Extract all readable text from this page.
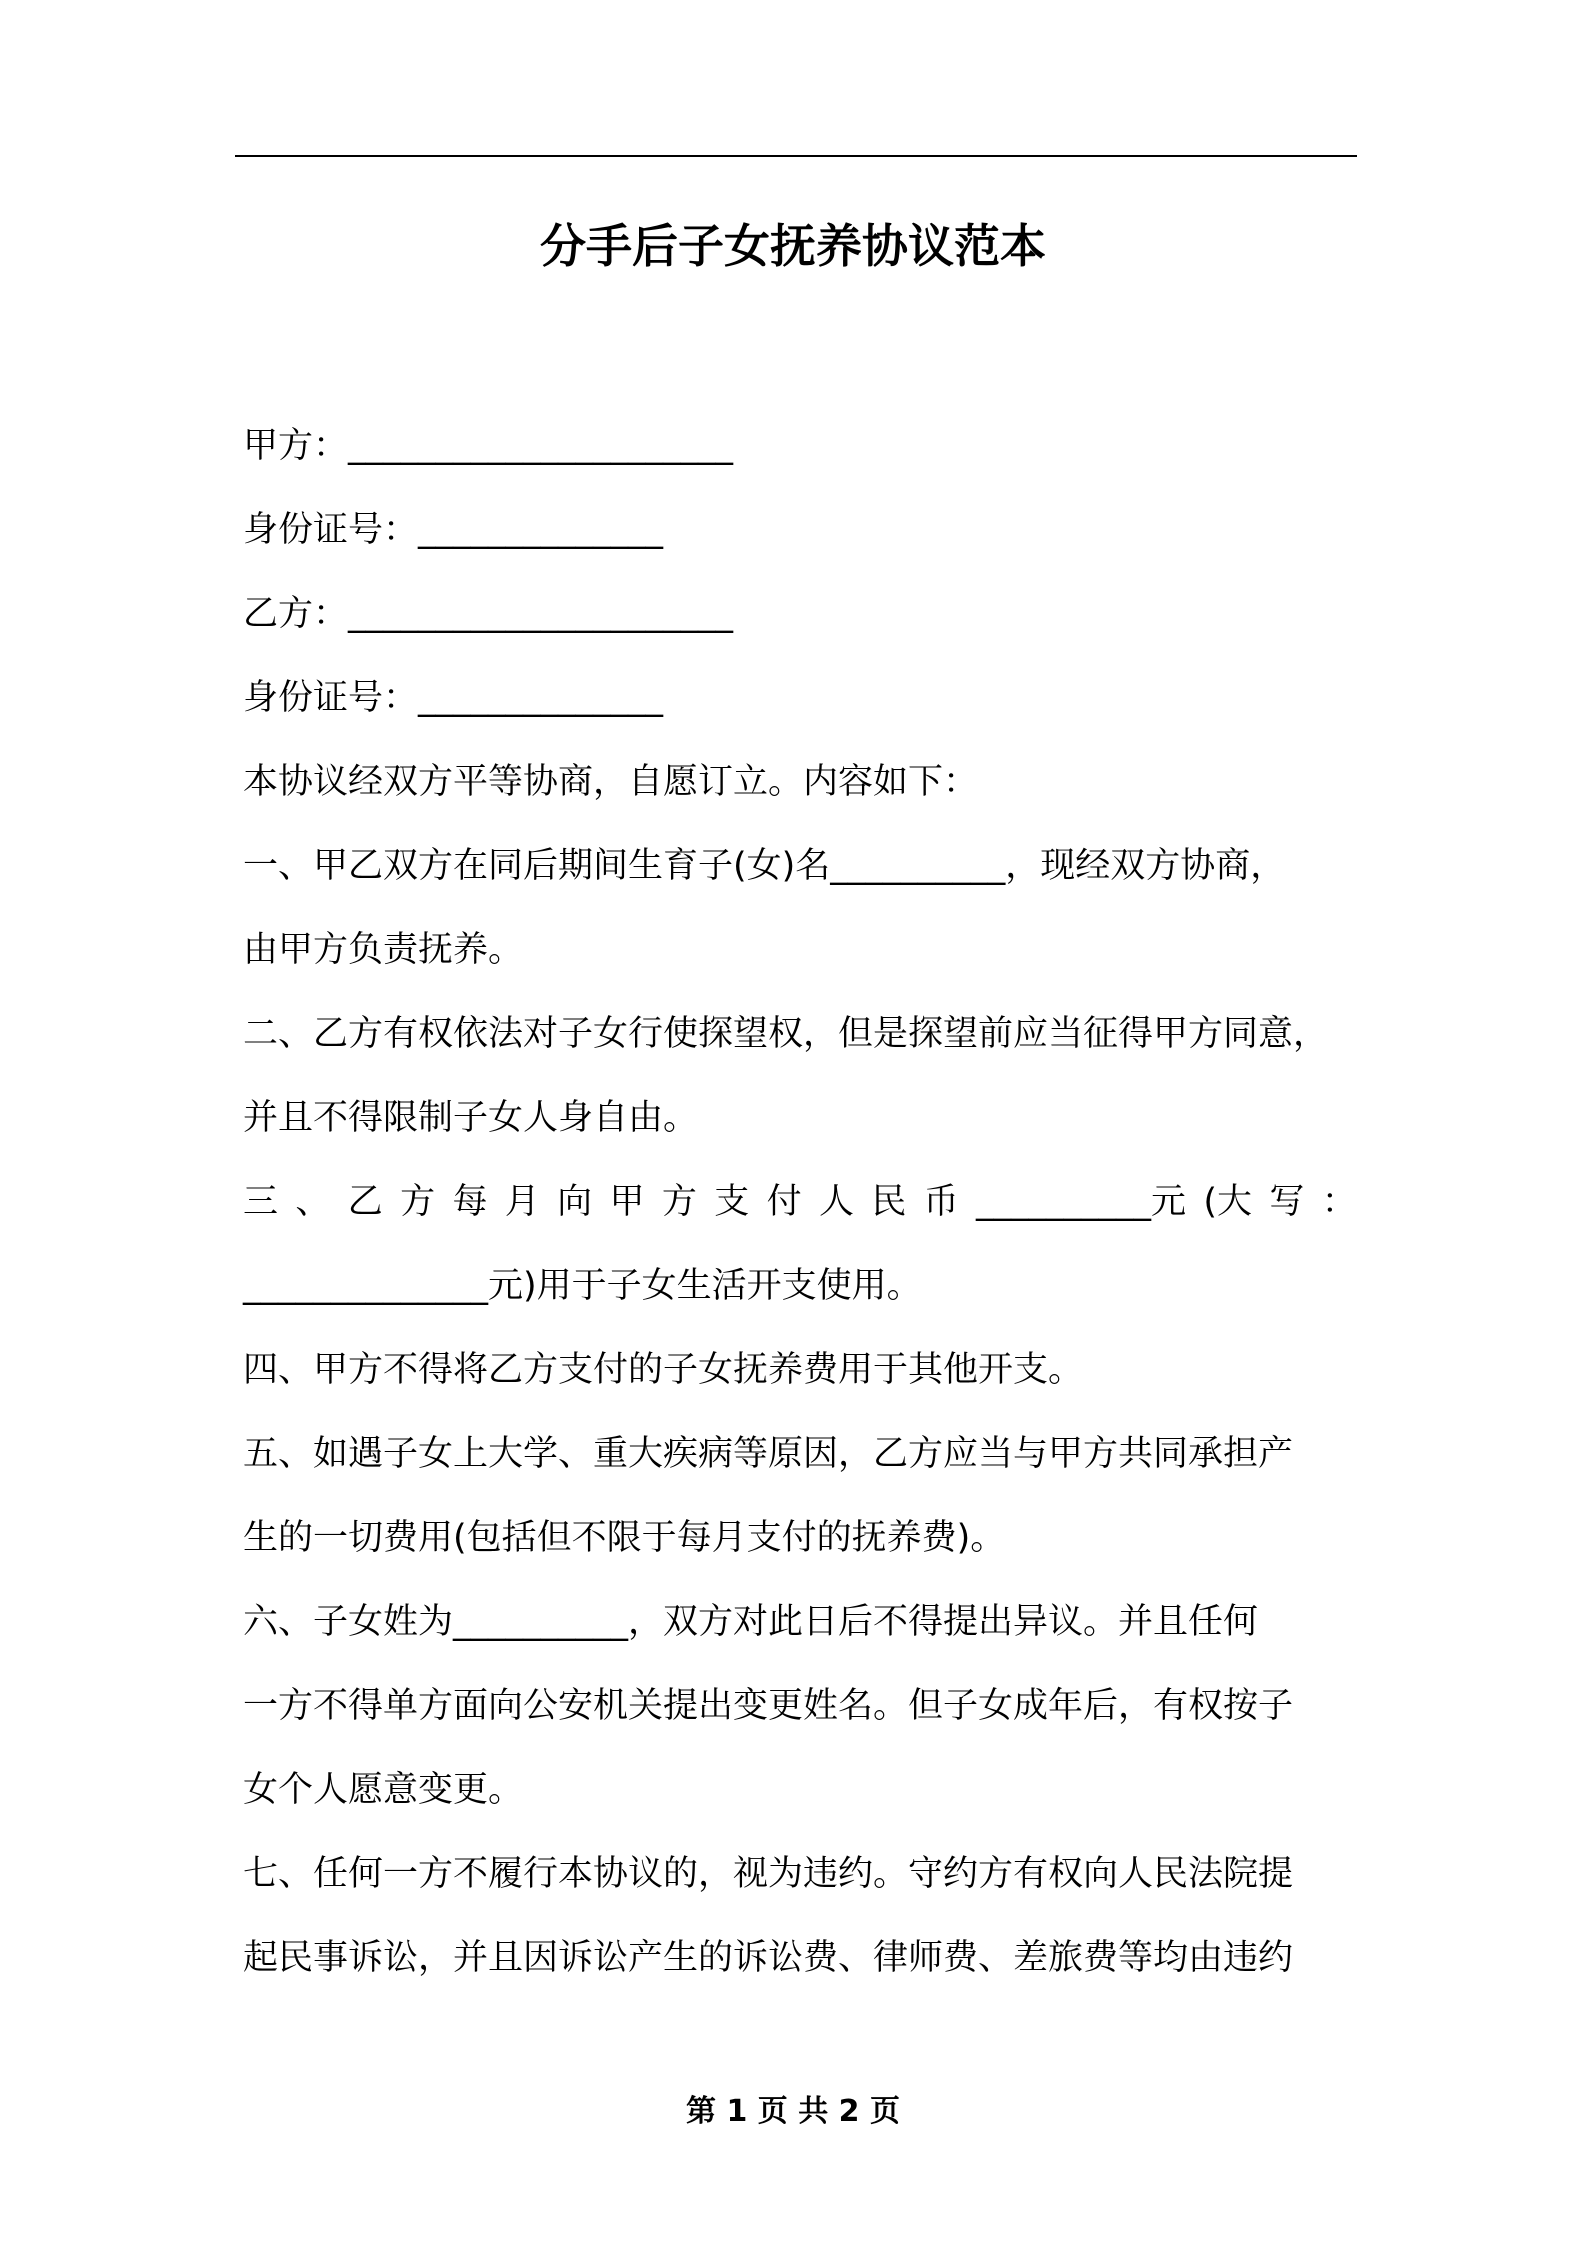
分手后子女抚养协议范本
甲方：______________________
身份证号：______________
乙方：______________________
身份证号：______________
本协议经双方平等协商，自愿订立。内容如下：
一、甲乙双方在同后期间生育子(女)名__________，现经双方协商，
由甲方负责抚养。
二、乙方有权依法对子女行使探望权，但是探望前应当征得甲方同意，
并且不得限制子女人身自由。
三 、 乙 方 每 月 向 甲 方 支 付 人 民 币 __________元 (大 写 ：
______________元)用于子女生活开支使用。
四、甲方不得将乙方支付的子女抚养费用于其他开支。
五、如遇子女上大学、重大疾病等原因，乙方应当与甲方共同承担产
生的一切费用(包括但不限于每月支付的抚养费)。
六、子女姓为__________，双方对此日后不得提出异议。并且任何
一方不得单方面向公安机关提出变更姓名。但子女成年后，有权按子
女个人愿意变更。
七、任何一方不履行本协议的，视为违约。守约方有权向人民法院提
起民事诉讼，并且因诉讼产生的诉讼费、律师费、差旅费等均由违约
第 1 页 共 2 页
